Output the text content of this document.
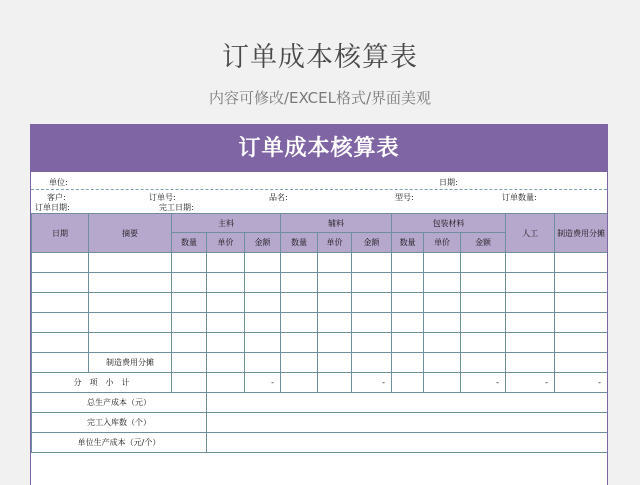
订单成本核算表
内容可修改/EXCEL格式/界面美观
订单成本核算表
单位:	日期:
客户:	订单号:	品名:	型号:	订单数量:
订单日期:	完工日期:
日期	摘要	主料			辅料			包装材料			人工	制造费用分摊
		数量	单价	金额	数量	单价	金额	数量	单价	金额		

	制造费用分摊											
分　项　小　计				-			-			-	-	-
总生产成本（元）												
完工入库数（个）												
单位生产成本（元/个）												
